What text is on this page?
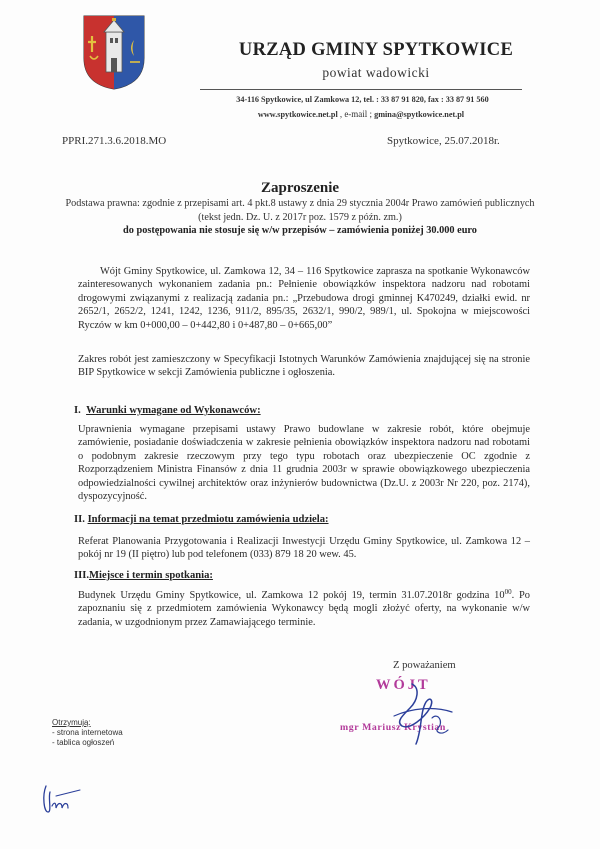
URZĄD GMINY SPYTKOWICE
powiat wadowicki
34-116 Spytkowice, ul Zamkowa 12, tel. : 33 87 91 820, fax : 33 87 91 560
www.spytkowice.net.pl , e-mail ; gmina@spytkowice.net.pl
PPRI.271.3.6.2018.MO	Spytkowice, 25.07.2018r.
Zaproszenie
Podstawa prawna: zgodnie z przepisami art. 4 pkt.8 ustawy z dnia 29 stycznia 2004r Prawo zamówień publicznych (tekst jedn. Dz. U. z 2017r poz. 1579 z późn. zm.)
do postępowania nie stosuje się w/w przepisów – zamówienia poniżej 30.000 euro
Wójt Gminy Spytkowice, ul. Zamkowa 12, 34 – 116 Spytkowice zaprasza na spotkanie Wykonawców zainteresowanych wykonaniem zadania pn.: Pełnienie obowiązków inspektora nadzoru nad robotami drogowymi związanymi z realizacją zadania pn.: „Przebudowa drogi gminnej K470249, działki ewid. nr 2652/1, 2652/2, 1241, 1242, 1236, 911/2, 895/35, 2632/1, 990/2, 989/1, ul. Spokojna w miejscowości Ryczów w km 0+000,00 – 0+442,80 i 0+487,80 – 0+665,00”
Zakres robót jest zamieszczony w Specyfikacji Istotnych Warunków Zamówienia znajdującej się na stronie BIP Spytkowice w sekcji Zamówienia publiczne i ogłoszenia.
I. Warunki wymagane od Wykonawców:
Uprawnienia wymagane przepisami ustawy Prawo budowlane w zakresie robót, które obejmuje zamówienie, posiadanie doświadczenia w zakresie pełnienia obowiązków inspektora nadzoru nad robotami o podobnym zakresie rzeczowym przy tego typu robotach oraz ubezpieczenie OC zgodnie z Rozporządzeniem Ministra Finansów z dnia 11 grudnia 2003r w sprawie obowiązkowego ubezpieczenia odpowiedzialności cywilnej architektów oraz inżynierów budownictwa (Dz.U. z 2003r Nr 220, poz. 2174), dyspozycyjność.
II. Informacji na temat przedmiotu zamówienia udziela:
Referat Planowania Przygotowania i Realizacji Inwestycji Urzędu Gminy Spytkowice, ul. Zamkowa 12 – pokój nr 19 (II piętro) lub pod telefonem (033) 879 18 20 wew. 45.
III.Miejsce i termin spotkania:
Budynek Urzędu Gminy Spytkowice, ul. Zamkowa 12 pokój 19, termin 31.07.2018r godzina $10^{00}$. Po zapoznaniu się z przedmiotem zamówienia Wykonawcy będą mogli złożyć oferty, na wykonanie w/w zadania, w uzgodnionym przez Zamawiającego terminie.
Z poważaniem
WÓJT
mgr Mariusz Krystian
Otrzymują:
- strona internetowa
- tablica ogłoszeń
